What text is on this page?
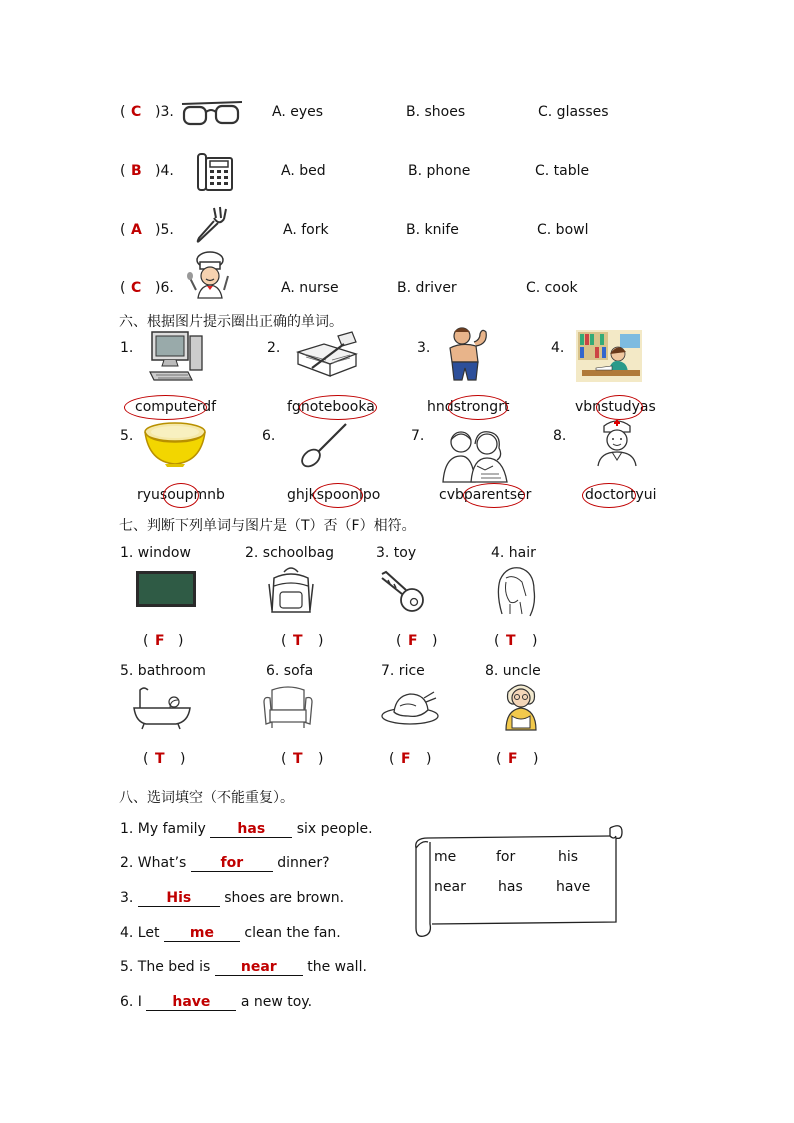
( C )3.	A. eyes	B. shoes	C. glasses
( B )4.	A. bed	B. phone	C. table
( A )5.	A. fork	B. knife	C. bowl
( C )6.	A. nurse	B. driver	C. cook
六、根据图片提示圈出正确的单词。
1.	2.	3.	4.
computerdf	fgnotebooka	hndstrongrt	vbnstudyas
5.	6.	7.	8.
ryusoupmnb	ghjkspoonlpo	cvbparentser	doctortyui
七、判断下列单词与图片是（T）否（F）相符。
1. window	2. schoolbag	3. toy	4. hair
( F )	( T )	( F )	( T )
5. bathroom	6. sofa	7. rice	8. uncle
( T )	( T )	( F )	( F )
八、选词填空（不能重复）。
1. My family has six people.
2. What’s for dinner?
3. His shoes are brown.
4. Let me clean the fan.
5. The bed is near the wall.
6. I have a new toy.
me	for	his
near has have
